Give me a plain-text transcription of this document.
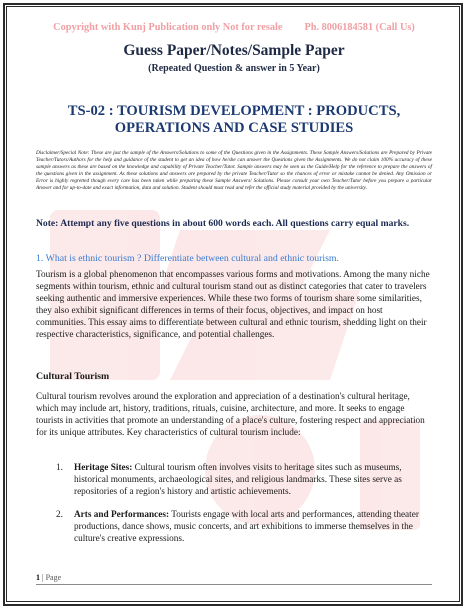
Copyright with Kunj Publication only Not for resale Ph. 8006184581 (Call Us)
Guess Paper/Notes/Sample Paper
(Repeated Question & answer in 5 Year)
TS-02 : TOURISM DEVELOPMENT : PRODUCTS, OPERATIONS AND CASE STUDIES
Disclaimer/Special Note: These are just the sample of the Answers/Solutions to some of the Questions given in the Assignments. These Sample Answers/Solutions are Prepared by Private Teacher/Tutors/Authors for the help and guidance of the student to get an idea of how he/she can answer the Questions given the Assignments. We do not claim 100% accuracy of these sample answers as these are based on the knowledge and capability of Private Teacher/Tutor. Sample answers may be seen as the Guide/Help for the reference to prepare the answers of the questions given in the assignment. As these solutions and answers are prepared by the private Teacher/Tutor so the chances of error or mistake cannot be denied. Any Omission or Error is highly regretted though every care has been taken while preparing these Sample Answers/ Solutions. Please consult your own Teacher/Tutor before you prepare a particular Answer and for up-to-date and exact information, data and solution. Student should must read and refer the official study material provided by the university.
Note: Attempt any five questions in about 600 words each. All questions carry equal marks.
1. What is ethnic tourism ? Differentiate between cultural and ethnic tourism.
Tourism is a global phenomenon that encompasses various forms and motivations. Among the many niche segments within tourism, ethnic and cultural tourism stand out as distinct categories that cater to travelers seeking authentic and immersive experiences. While these two forms of tourism share some similarities, they also exhibit significant differences in terms of their focus, objectives, and impact on host communities. This essay aims to differentiate between cultural and ethnic tourism, shedding light on their respective characteristics, significance, and potential challenges.
Cultural Tourism
Cultural tourism revolves around the exploration and appreciation of a destination's cultural heritage, which may include art, history, traditions, rituals, cuisine, architecture, and more. It seeks to engage tourists in activities that promote an understanding of a place's culture, fostering respect and appreciation for its unique attributes. Key characteristics of cultural tourism include:
1. Heritage Sites: Cultural tourism often involves visits to heritage sites such as museums, historical monuments, archaeological sites, and religious landmarks. These sites serve as repositories of a region's history and artistic achievements.
2. Arts and Performances: Tourists engage with local arts and performances, attending theater productions, dance shows, music concerts, and art exhibitions to immerse themselves in the culture's creative expressions.
1 | Page
